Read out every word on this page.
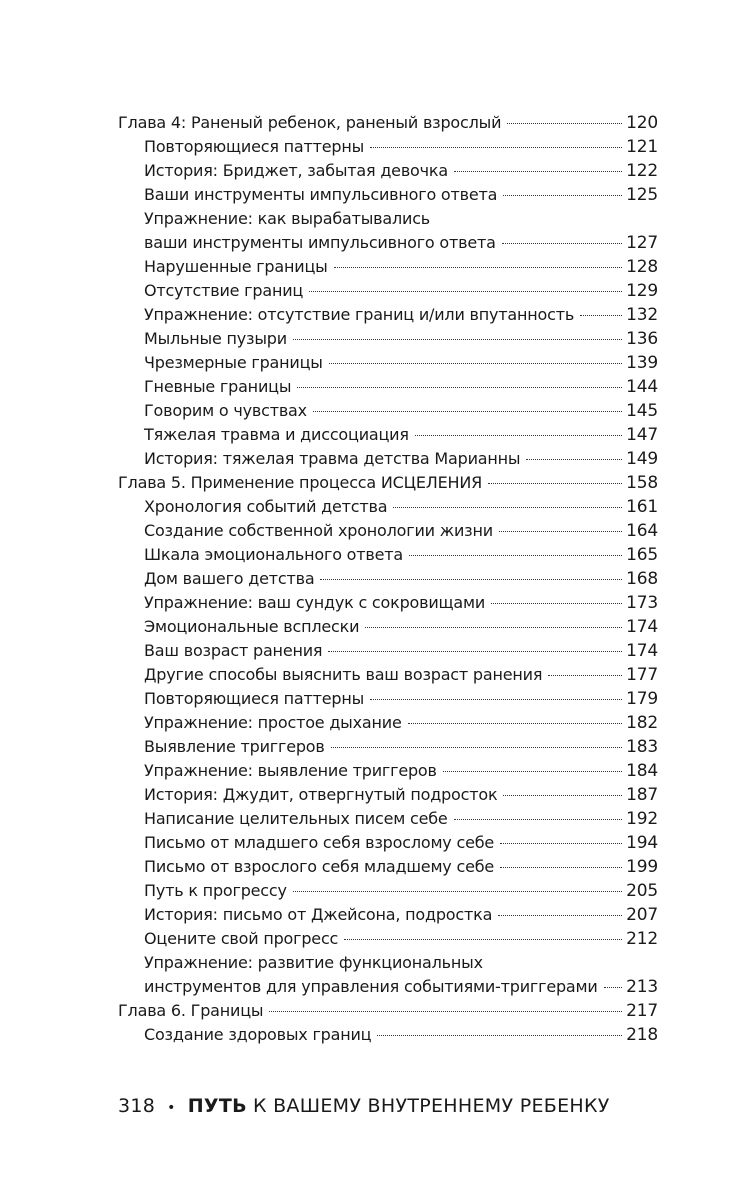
Глава 4: Раненый ребенок, раненый взрослый	120
Повторяющиеся паттерны	121
История: Бриджет, забытая девочка	122
Ваши инструменты импульсивного ответа	125
Упражнение: как вырабатывались
ваши инструменты импульсивного ответа	127
Нарушенные границы	128
Отсутствие границ	129
Упражнение: отсутствие границ и/или впутанность	132
Мыльные пузыри	136
Чрезмерные границы	139
Гневные границы	144
Говорим о чувствах	145
Тяжелая травма и диссоциация	147
История: тяжелая травма детства Марианны	149
Глава 5. Применение процесса ИСЦЕЛЕНИЯ	158
Хронология событий детства	161
Создание собственной хронологии жизни	164
Шкала эмоционального ответа	165
Дом вашего детства	168
Упражнение: ваш сундук с сокровищами	173
Эмоциональные всплески	174
Ваш возраст ранения	174
Другие способы выяснить ваш возраст ранения	177
Повторяющиеся паттерны	179
Упражнение: простое дыхание	182
Выявление триггеров	183
Упражнение: выявление триггеров	184
История: Джудит, отвергнутый подросток	187
Написание целительных писем себе	192
Письмо от младшего себя взрослому себе	194
Письмо от взрослого себя младшему себе	199
Путь к прогрессу	205
История: письмо от Джейсона, подростка	207
Оцените свой прогресс	212
Упражнение: развитие функциональных
инструментов для управления событиями-триггерами 213
Глава 6. Границы	217
Создание здоровых границ	218
318 • ПУТЬ К ВАШЕМУ ВНУТРЕННЕМУ РЕБЕНКУ
